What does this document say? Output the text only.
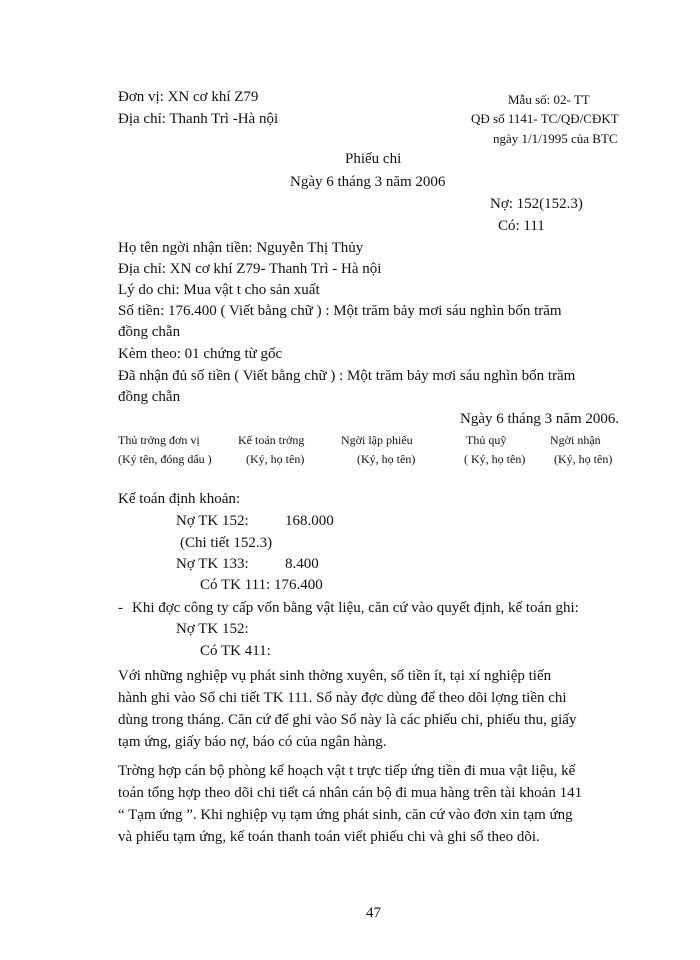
Đơn vị: XN cơ khí Z79
Địa chỉ: Thanh Trì -Hà nội
Mẫu số: 02- TT
QĐ số 1141- TC/QĐ/CĐKT
ngày 1/1/1995 của BTC
Phiếu chi
Ngày 6 tháng 3 năm 2006
Nợ: 152(152.3)
Có: 111
Họ tên ngời nhận tiền: Nguyễn Thị Thủy
Địa chỉ: XN cơ khí Z79- Thanh Trì - Hà nội
Lý do chi: Mua vật t cho sản xuất
Số tiền: 176.400 ( Viết bằng chữ ) : Một trăm bảy mơi sáu nghìn bốn trăm
đồng chẵn
Kèm theo: 01 chứng từ gốc
Đã nhận đủ số tiền ( Viết bằng chữ ) : Một trăm bảy mơi sáu nghìn bốn trăm
đồng chẵn
Ngày 6 tháng 3 năm 2006.
Thủ trởng đơn vị
(Ký tên, đóng dấu )
Kế toán trởng
(Ký, họ tên)
Ngời lập phiếu
(Ký, họ tên)
Thủ quỹ
( Ký, họ tên)
Ngời nhận
(Ký, họ tên)
Kế toán định khoản:
Nợ TK 152: 168.000
(Chi tiết 152.3)
Nợ TK 133: 8.400
Có TK 111: 176.400
- Khi đợc công ty cấp vốn bằng vật liệu, căn cứ vào quyết định, kế toán ghi:
Nợ TK 152:
Có TK 411:
Với những nghiệp vụ phát sinh thờng xuyên, số tiền ít, tại xí nghiệp tiến
hành ghi vào Sổ chi tiết TK 111. Sổ này đợc dùng để theo dõi lợng tiền chi
dùng trong tháng. Căn cứ để ghi vào Sổ này là các phiếu chi, phiếu thu, giấy
tạm ứng, giấy báo nợ, báo có của ngân hàng.
Trờng hợp cán bộ phòng kế hoạch vật t trực tiếp ứng tiền đi mua vật liệu, kế
toán tổng hợp theo dõi chi tiết cá nhân cán bộ đi mua hàng trên tài khoản 141
“ Tạm ứng ”. Khi nghiệp vụ tạm ứng phát sinh, căn cứ vào đơn xin tạm ứng
và phiếu tạm ứng, kế toán thanh toán viết phiếu chi và ghi sổ theo dõi.
47
